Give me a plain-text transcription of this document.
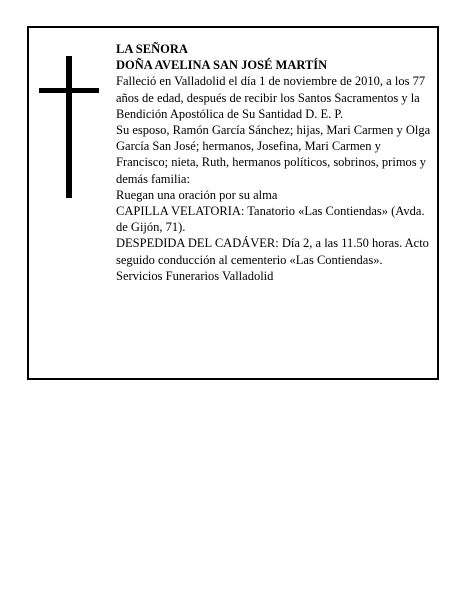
LA SEÑORA

DOÑA AVELINA SAN JOSÉ MARTÍN

Falleció en Valladolid el día 1 de noviembre de 2010, a los 77 años de edad, después de recibir los Santos Sacramentos y la Bendición Apostólica de Su Santidad D. E. P.

Su esposo, Ramón García Sánchez; hijas, Mari Carmen y Olga García San José; hermanos, Josefina, Mari Carmen y Francisco; nieta, Ruth, hermanos políticos, sobrinos, primos y demás familia:

Ruegan una oración por su alma

CAPILLA VELATORIA: Tanatorio «Las Contiendas» (Avda. de Gijón, 71).

DESPEDIDA DEL CADÁVER: Día 2, a las 11.50 horas. Acto seguido conducción al cementerio «Las Contiendas».

Servicios Funerarios Valladolid
